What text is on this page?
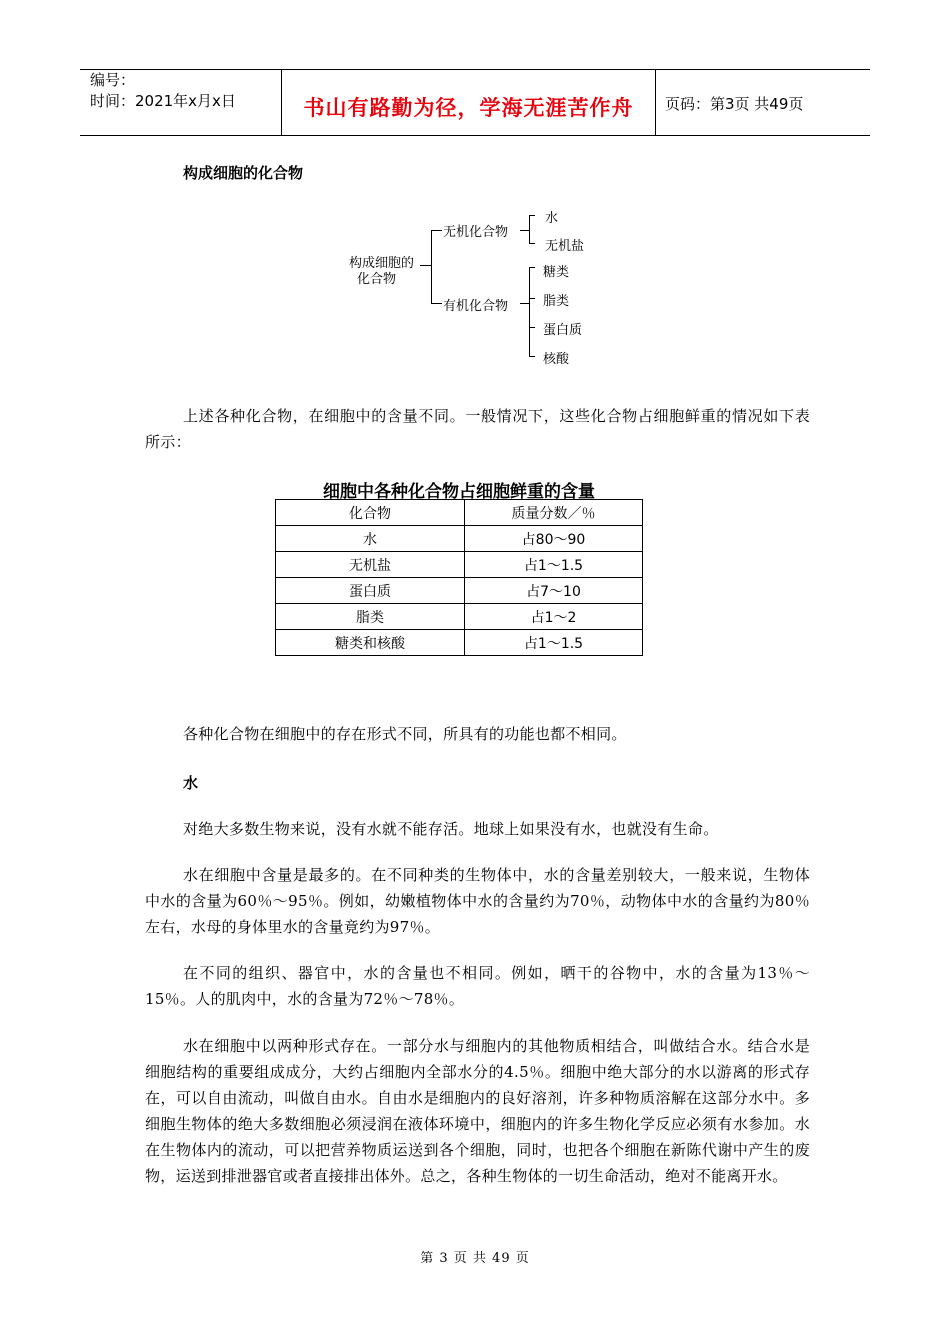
编号：
时间：2021年x月x日	书山有路勤为径，学海无涯苦作舟	页码：第3页 共49页
构成细胞的化合物
构成细胞的
化合物
无机化合物
有机化合物
水
无机盐
糖类
脂类
蛋白质
核酸

上述各种化合物，在细胞中的含量不同。一般情况下，这些化合物占细胞鲜重的情况如下表所示：

细胞中各种化合物占细胞鲜重的含量
化合物	质量分数／％
水	占80～90
无机盐	占1～1.5
蛋白质	占7～10
脂类	占1～2
糖类和核酸	占1～1.5

各种化合物在细胞中的存在形式不同，所具有的功能也都不相同。

水

对绝大多数生物来说，没有水就不能存活。地球上如果没有水，也就没有生命。

水在细胞中含量是最多的。在不同种类的生物体中，水的含量差别较大，一般来说，生物体中水的含量为60％～95％。例如，幼嫩植物体中水的含量约为70％，动物体中水的含量约为80％左右，水母的身体里水的含量竟约为97％。

在不同的组织、器官中，水的含量也不相同。例如，晒干的谷物中，水的含量为13％～15％。人的肌肉中，水的含量为72％～78％。

水在细胞中以两种形式存在。一部分水与细胞内的其他物质相结合，叫做结合水。结合水是细胞结构的重要组成成分，大约占细胞内全部水分的4.5％。细胞中绝大部分的水以游离的形式存在，可以自由流动，叫做自由水。自由水是细胞内的良好溶剂，许多种物质溶解在这部分水中。多细胞生物体的绝大多数细胞必须浸润在液体环境中，细胞内的许多生物化学反应必须有水参加。水在生物体内的流动，可以把营养物质运送到各个细胞，同时，也把各个细胞在新陈代谢中产生的废物，运送到排泄器官或者直接排出体外。总之，各种生物体的一切生命活动，绝对不能离开水。

第 3 页 共 49 页
